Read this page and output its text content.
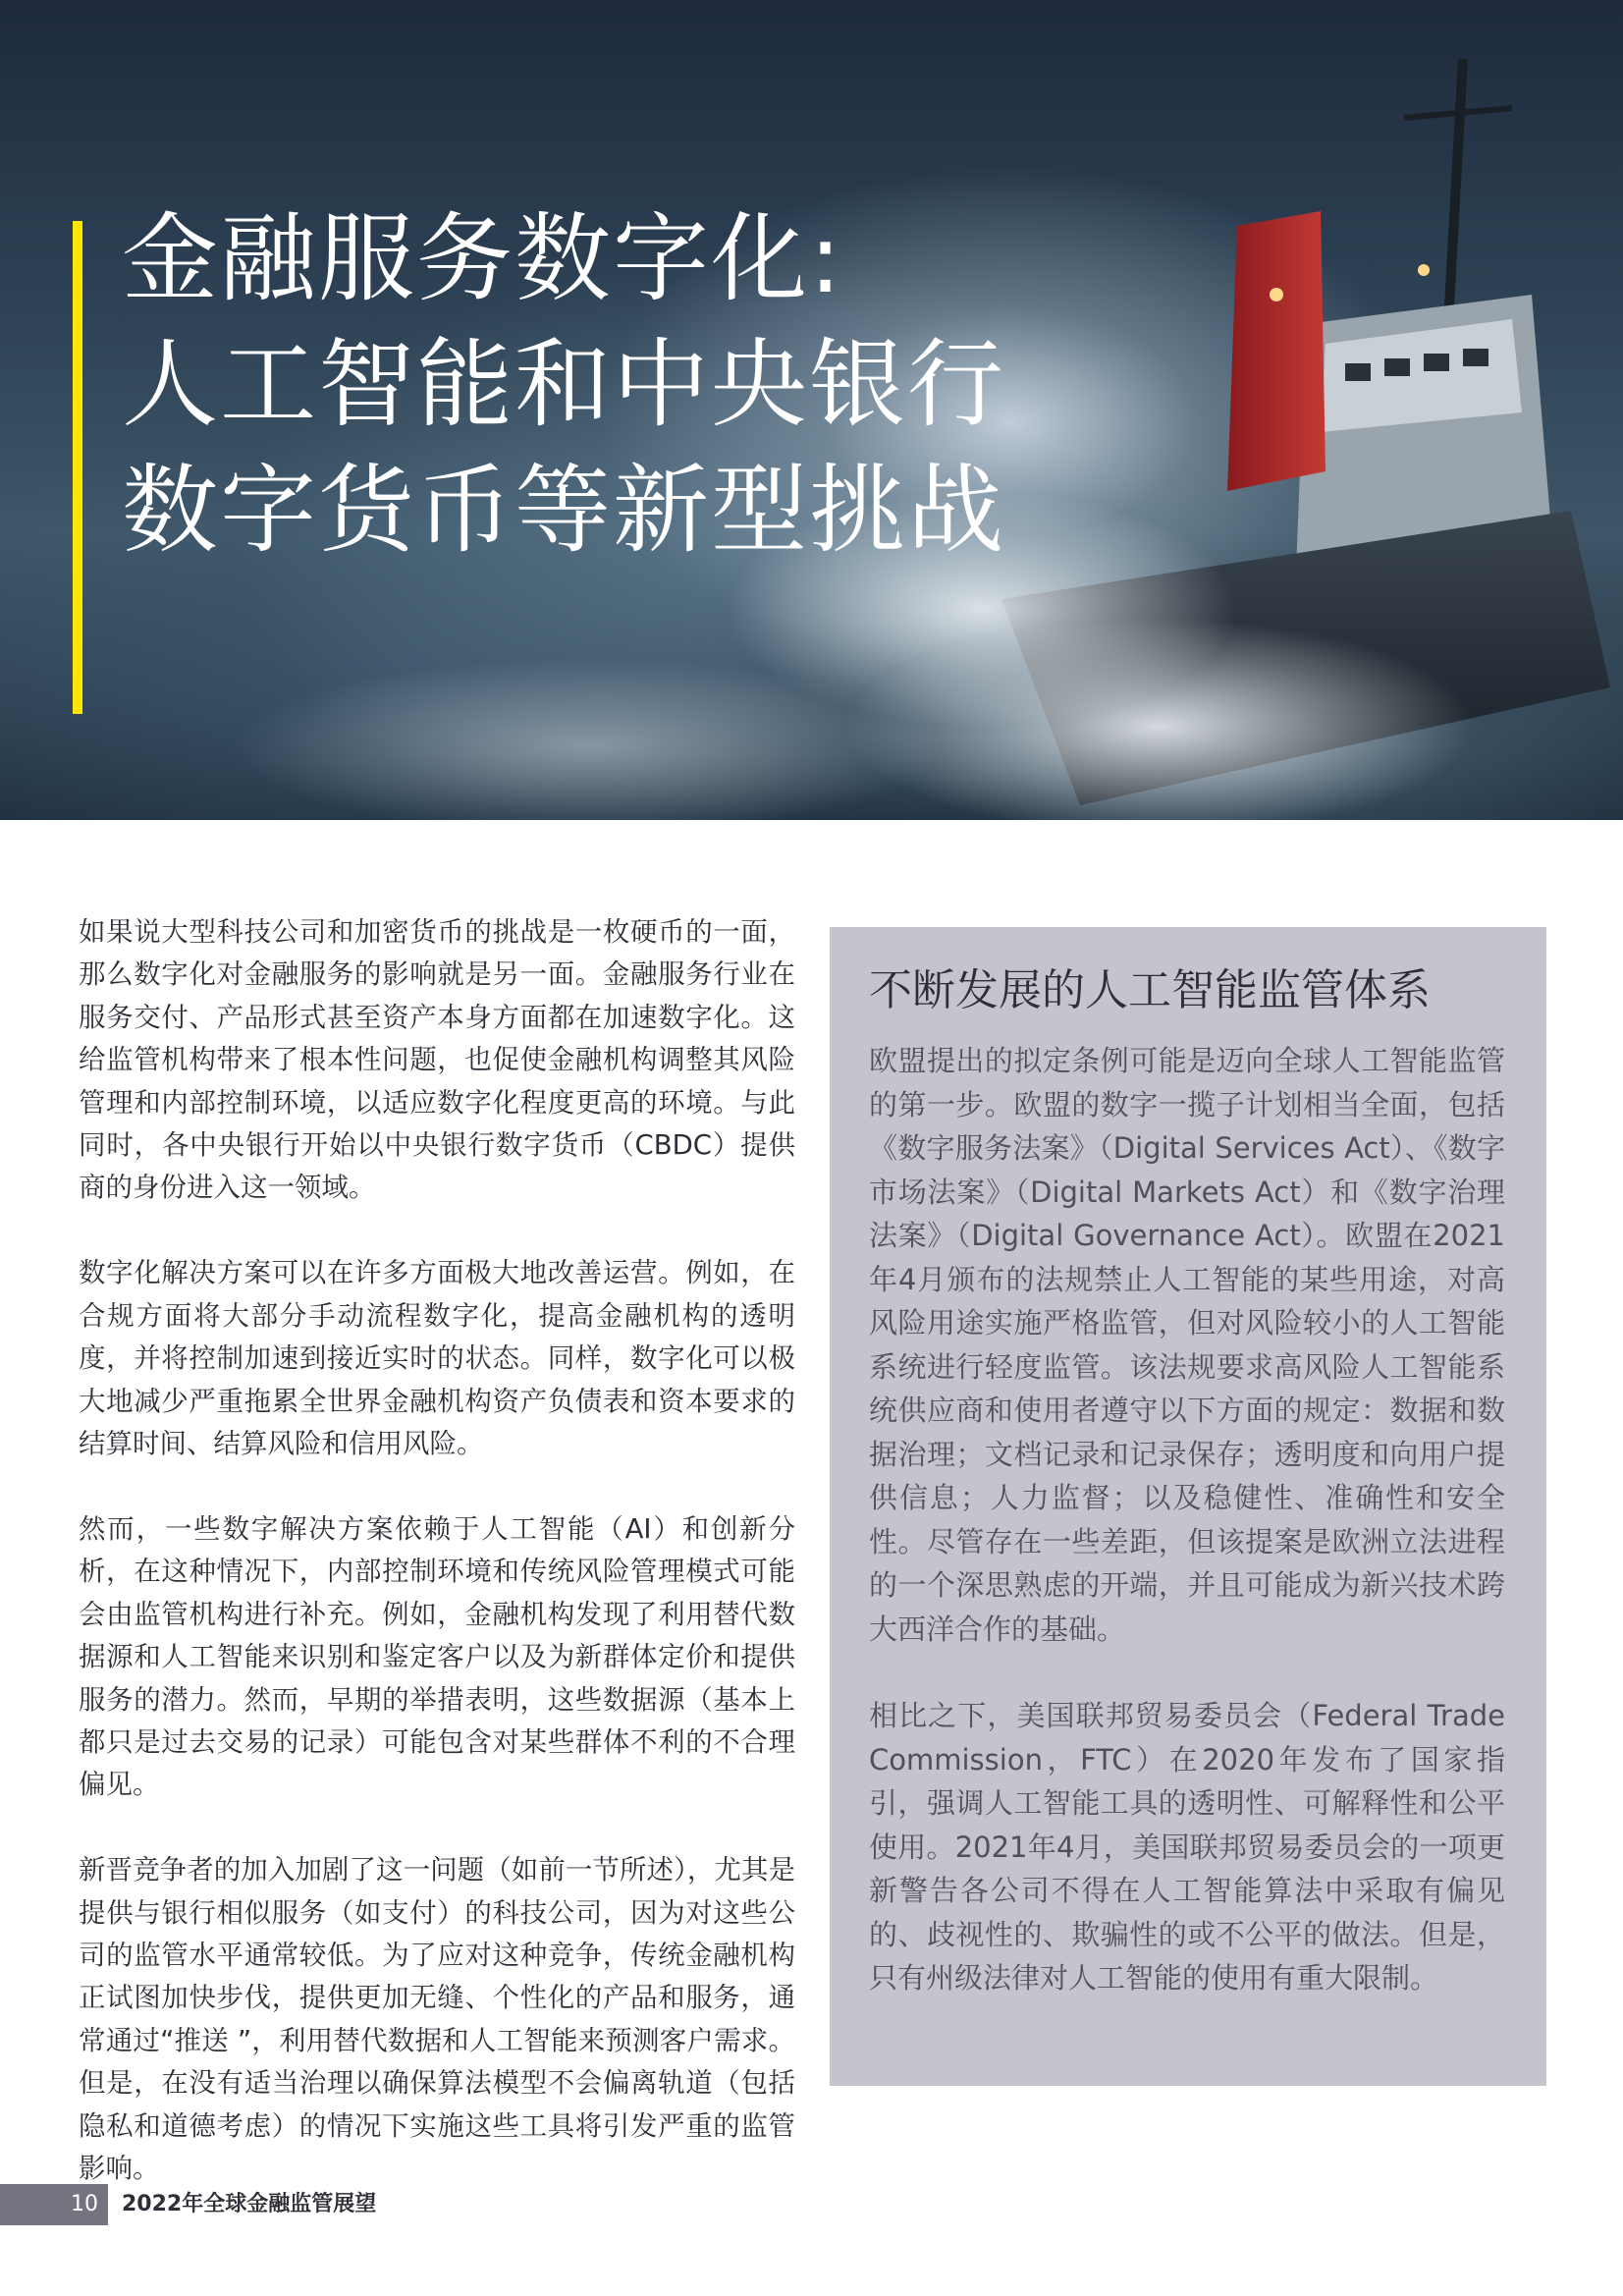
金融服务数字化:
人工智能和中央银行
数字货币等新型挑战

如果说大型科技公司和加密货币的挑战是一枚硬币的一面，那么数字化对金融服务的影响就是另一面。金融服务行业在服务交付、产品形式甚至资产本身方面都在加速数字化。这给监管机构带来了根本性问题，也促使金融机构调整其风险管理和内部控制环境，以适应数字化程度更高的环境。与此同时，各中央银行开始以中央银行数字货币（CBDC）提供商的身份进入这一领域。

数字化解决方案可以在许多方面极大地改善运营。例如，在合规方面将大部分手动流程数字化，提高金融机构的透明度，并将控制加速到接近实时的状态。同样，数字化可以极大地减少严重拖累全世界金融机构资产负债表和资本要求的结算时间、结算风险和信用风险。

然而，一些数字解决方案依赖于人工智能（AI）和创新分析，在这种情况下，内部控制环境和传统风险管理模式可能会由监管机构进行补充。例如，金融机构发现了利用替代数据源和人工智能来识别和鉴定客户以及为新群体定价和提供服务的潜力。然而，早期的举措表明，这些数据源（基本上都只是过去交易的记录）可能包含对某些群体不利的不合理偏见。

新晋竞争者的加入加剧了这一问题（如前一节所述），尤其是提供与银行相似服务（如支付）的科技公司，因为对这些公司的监管水平通常较低。为了应对这种竞争，传统金融机构正试图加快步伐，提供更加无缝、个性化的产品和服务，通常通过“推送 ”，利用替代数据和人工智能来预测客户需求。但是，在没有适当治理以确保算法模型不会偏离轨道（包括隐私和道德考虑）的情况下实施这些工具将引发严重的监管影响。

不断发展的人工智能监管体系

欧盟提出的拟定条例可能是迈向全球人工智能监管的第一步。欧盟的数字一揽子计划相当全面，包括《数字服务法案》（Digital Services Act）、《数字市场法案》（Digital Markets Act）和《数字治理法案》（Digital Governance Act）。欧盟在2021年4月颁布的法规禁止人工智能的某些用途，对高风险用途实施严格监管，但对风险较小的人工智能系统进行轻度监管。该法规要求高风险人工智能系统供应商和使用者遵守以下方面的规定：数据和数据治理；文档记录和记录保存；透明度和向用户提供信息；人力监督；以及稳健性、准确性和安全性。尽管存在一些差距，但该提案是欧洲立法进程的一个深思熟虑的开端，并且可能成为新兴技术跨大西洋合作的基础。

相比之下，美国联邦贸易委员会（Federal Trade Commission，FTC）在2020年发布了国家指引，强调人工智能工具的透明性、可解释性和公平使用。2021年4月，美国联邦贸易委员会的一项更新警告各公司不得在人工智能算法中采取有偏见的、歧视性的、欺骗性的或不公平的做法。但是，只有州级法律对人工智能的使用有重大限制。

10 2022年全球金融监管展望
